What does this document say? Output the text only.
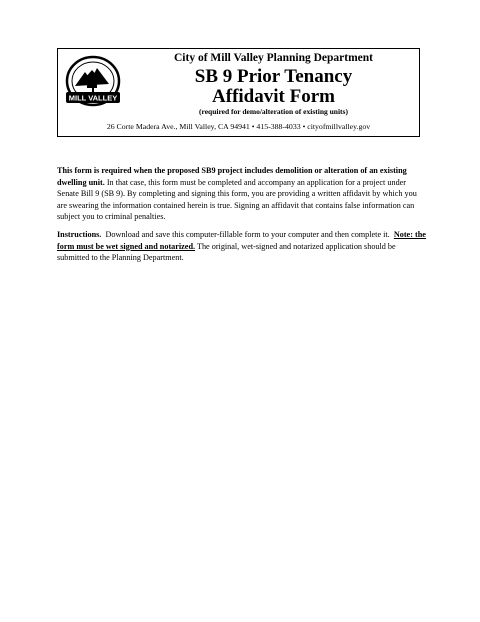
MILL VALLEY
City of Mill Valley Planning Department
SB 9 Prior Tenancy
Affidavit Form
(required for demo/alteration of existing units)
26 Corte Madera Ave., Mill Valley, CA 94941 • 415-388-4033 • cityofmillvalley.gov
This form is required when the proposed SB9 project includes demolition or alteration of an existing dwelling unit. In that case, this form must be completed and accompany an application for a project under Senate Bill 9 (SB 9). By completing and signing this form, you are providing a written affidavit by which you are swearing the information contained herein is true. Signing an affidavit that contains false information can subject you to criminal penalties.
Instructions.  Download and save this computer-fillable form to your computer and then complete it.  Note: the form must be wet signed and notarized. The original, wet-signed and notarized application should be submitted to the Planning Department.
